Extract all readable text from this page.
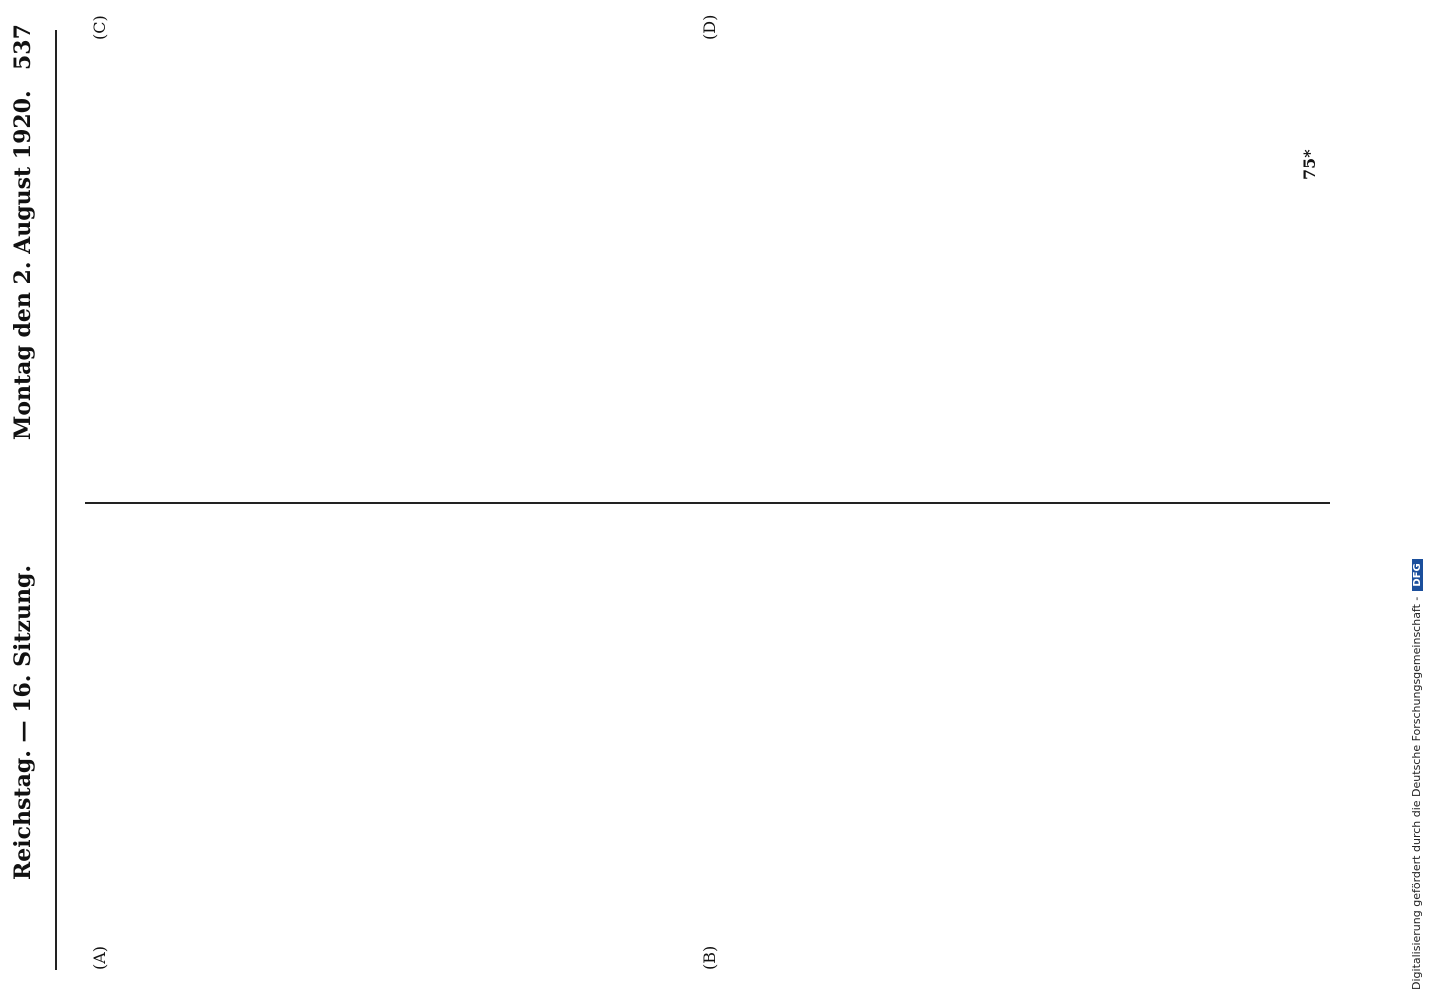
Reichstag. — 16. Sitzung.
Montag den 2. August 1920.
537
(A)	(B)
(C)	(D)
75*
Digitalisierung gefördert durch die Deutsche Forschungsgemeinschaft -DFG
